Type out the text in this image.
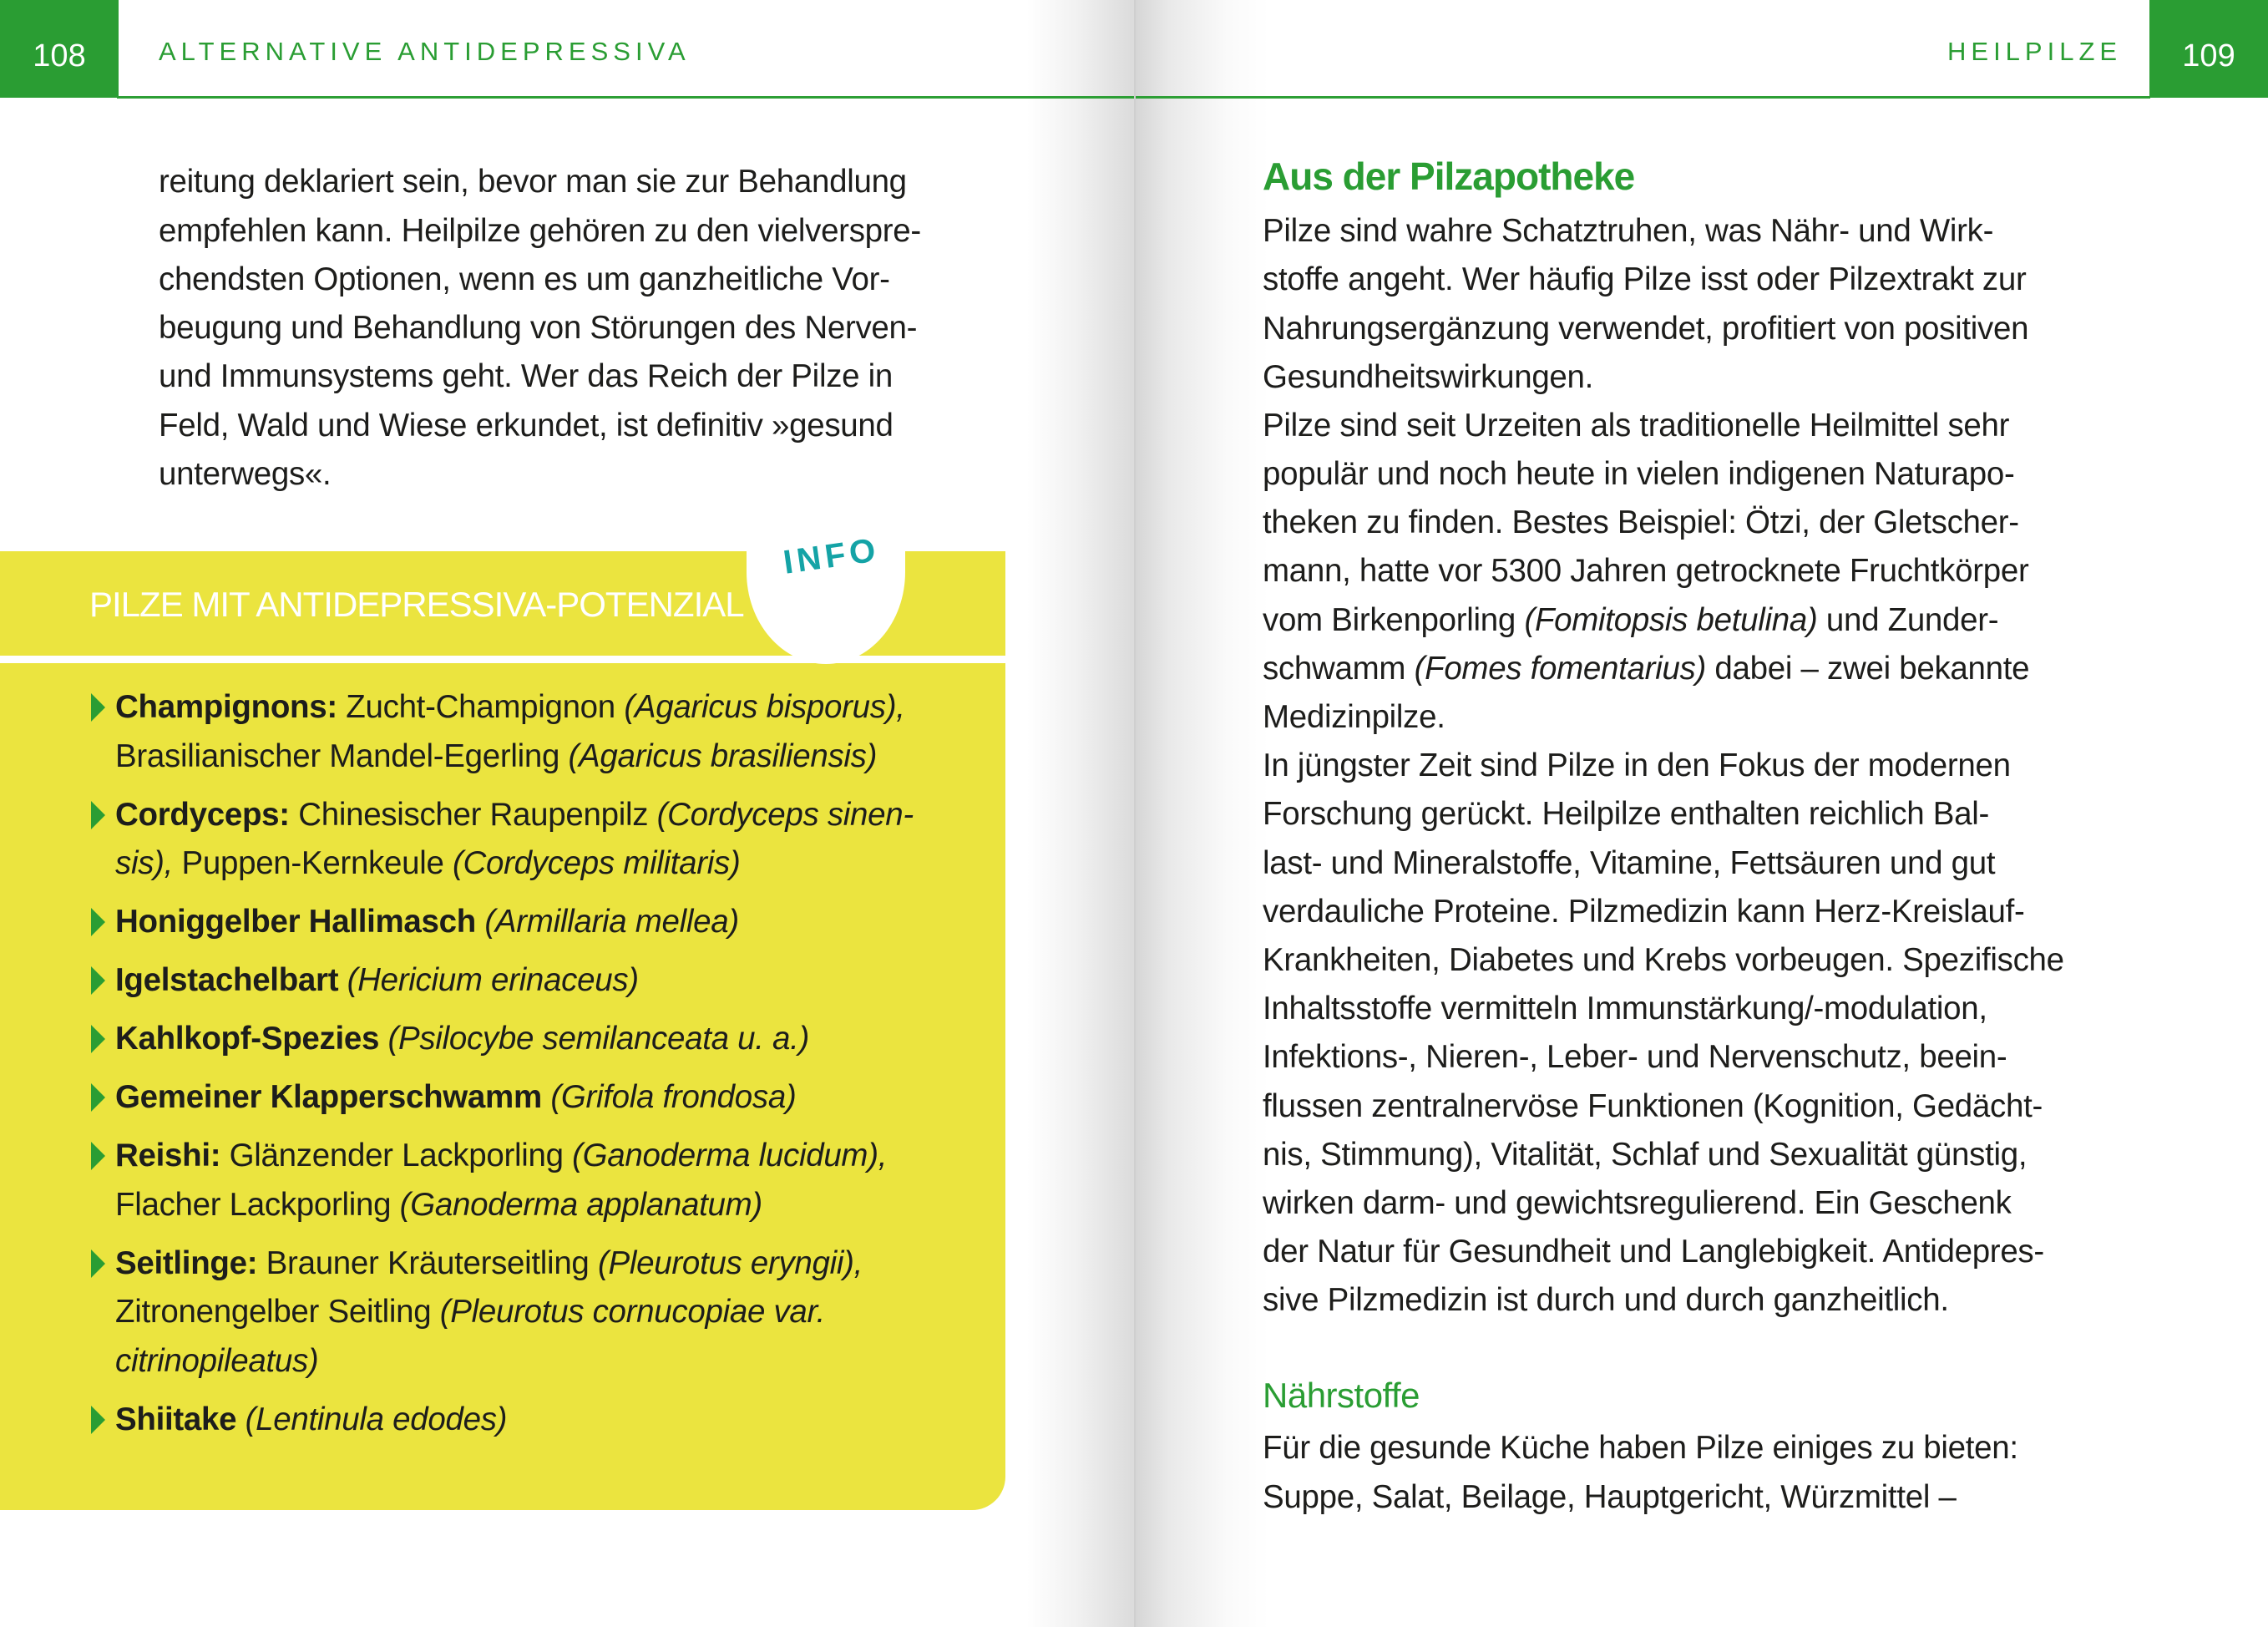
108	ALTERNATIVE ANTIDEPRESSIVA
reitung deklariert sein, bevor man sie zur Behandlung
empfehlen kann. Heilpilze gehören zu den vielverspre-
chendsten Optionen, wenn es um ganzheitliche Vor-
beugung und Behandlung von Störungen des Nerven-
und Immunsystems geht. Wer das Reich der Pilze in
Feld, Wald und Wiese erkundet, ist definitiv »gesund
unterwegs«.
INFO
PILZE MIT ANTIDEPRESSIVA-POTENZIAL
Champignons: Zucht-Champignon (Agaricus bisporus),
Brasilianischer Mandel-Egerling (Agaricus brasiliensis)
Cordyceps: Chinesischer Raupenpilz (Cordyceps sinen-
sis), Puppen-Kernkeule (Cordyceps militaris)
Honiggelber Hallimasch (Armillaria mellea)
Igelstachelbart (Hericium erinaceus)
Kahlkopf-Spezies (Psilocybe semilanceata u. a.)
Gemeiner Klapperschwamm (Grifola frondosa)
Reishi: Glänzender Lackporling (Ganoderma lucidum),
Flacher Lackporling (Ganoderma applanatum)
Seitlinge: Brauner Kräuterseitling (Pleurotus eryngii),
Zitronengelber Seitling (Pleurotus cornucopiae var.
citrinopileatus)
Shiitake (Lentinula edodes)
HEILPILZE	109
Aus der Pilzapotheke
Pilze sind wahre Schatztruhen, was Nähr- und Wirk-
stoffe angeht. Wer häufig Pilze isst oder Pilzextrakt zur
Nahrungsergänzung verwendet, profitiert von positiven
Gesundheitswirkungen.
Pilze sind seit Urzeiten als traditionelle Heilmittel sehr
populär und noch heute in vielen indigenen Naturapo-
theken zu finden. Bestes Beispiel: Ötzi, der Gletscher-
mann, hatte vor 5300 Jahren getrocknete Fruchtkörper
vom Birkenporling (Fomitopsis betulina) und Zunder-
schwamm (Fomes fomentarius) dabei – zwei bekannte
Medizinpilze.
In jüngster Zeit sind Pilze in den Fokus der modernen
Forschung gerückt. Heilpilze enthalten reichlich Bal-
last- und Mineralstoffe, Vitamine, Fettsäuren und gut
verdauliche Proteine. Pilzmedizin kann Herz-Kreislauf-
Krankheiten, Diabetes und Krebs vorbeugen. Spezifische
Inhaltsstoffe vermitteln Immunstärkung/-modulation,
Infektions-, Nieren-, Leber- und Nervenschutz, beein-
flussen zentralnervöse Funktionen (Kognition, Gedächt-
nis, Stimmung), Vitalität, Schlaf und Sexualität günstig,
wirken darm- und gewichtsregulierend. Ein Geschenk
der Natur für Gesundheit und Langlebigkeit. Antidepres-
sive Pilzmedizin ist durch und durch ganzheitlich.
Nährstoffe
Für die gesunde Küche haben Pilze einiges zu bieten:
Suppe, Salat, Beilage, Hauptgericht, Würzmittel –
